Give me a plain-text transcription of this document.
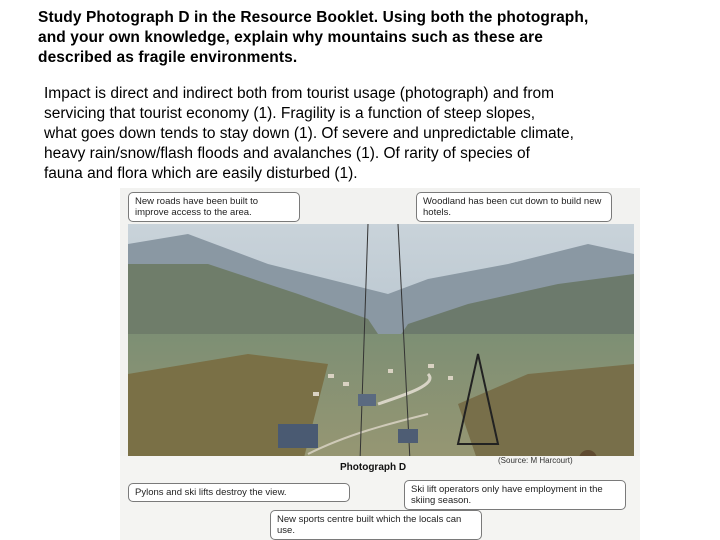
Study Photograph D in the Resource Booklet. Using both the photograph,
and your own knowledge, explain why mountains such as these are
described as fragile environments.
Impact is direct and indirect both from tourist usage (photograph) and from
servicing that tourist economy (1). Fragility is a function of steep slopes,
what goes down tends to stay down (1). Of severe and unpredictable climate,
heavy rain/snow/flash floods and avalanches (1). Of rarity of species of
fauna and flora which are easily disturbed (1).
New roads have been built to improve access to the area.
Woodland has been cut down to build new hotels.
Photograph D
(Source: M Harcourt)
Pylons and ski lifts destroy the view.	Ski lift operators only have employment in the skiing season.
New sports centre built which the locals can use.
